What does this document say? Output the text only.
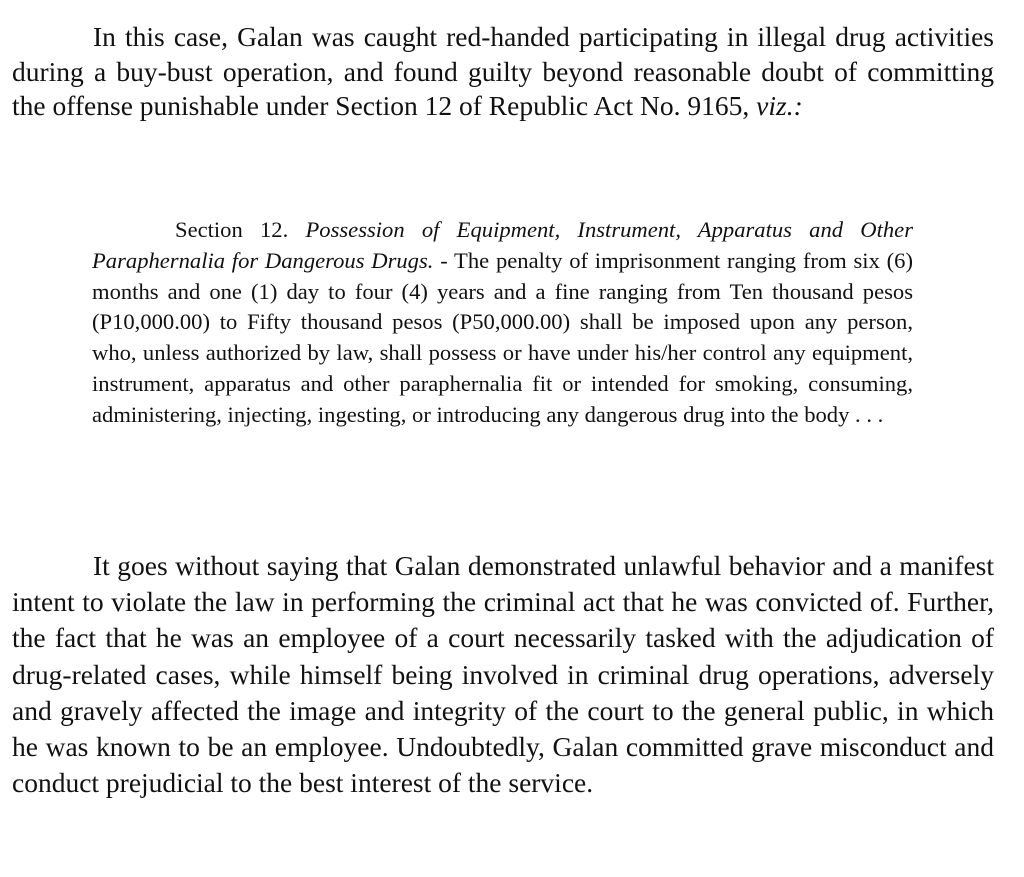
In this case, Galan was caught red-handed participating in illegal drug activities during a buy-bust operation, and found guilty beyond reasonable doubt of committing the offense punishable under Section 12 of Republic Act No. 9165, viz.:

Section 12. Possession of Equipment, Instrument, Apparatus and Other Paraphernalia for Dangerous Drugs. - The penalty of imprisonment ranging from six (6) months and one (1) day to four (4) years and a fine ranging from Ten thousand pesos (P10,000.00) to Fifty thousand pesos (P50,000.00) shall be imposed upon any person, who, unless authorized by law, shall possess or have under his/her control any equipment, instrument, apparatus and other paraphernalia fit or intended for smoking, consuming, administering, injecting, ingesting, or introducing any dangerous drug into the body . . .

It goes without saying that Galan demonstrated unlawful behavior and a manifest intent to violate the law in performing the criminal act that he was convicted of. Further, the fact that he was an employee of a court necessarily tasked with the adjudication of drug-related cases, while himself being involved in criminal drug operations, adversely and gravely affected the image and integrity of the court to the general public, in which he was known to be an employee. Undoubtedly, Galan committed grave misconduct and conduct prejudicial to the best interest of the service.
